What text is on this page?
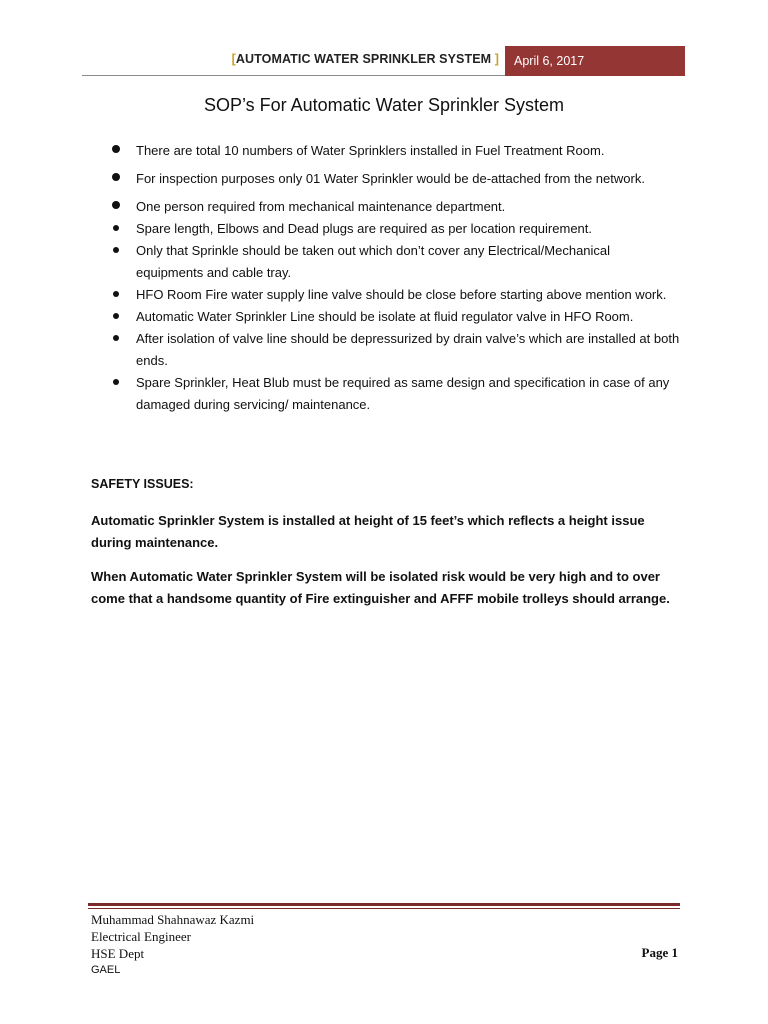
[AUTOMATIC WATER SPRINKLER SYSTEM ]	April 6, 2017
SOP’s For Automatic Water Sprinkler System
There are total 10 numbers of Water Sprinklers installed in Fuel Treatment Room.
For inspection purposes only 01 Water Sprinkler would be de-attached from the network.
One person required from mechanical maintenance department.
Spare length, Elbows and Dead plugs are required as per location requirement.
Only that Sprinkle should be taken out which don’t cover any Electrical/Mechanical equipments and cable tray.
HFO Room Fire water supply line valve should be close before starting above mention work.
Automatic Water Sprinkler Line should be isolate at fluid regulator valve in HFO Room.
After isolation of valve line should be depressurized by drain valve’s which are installed at both ends.
Spare Sprinkler, Heat Blub must be required as same design and specification in case of any damaged during servicing/ maintenance.
SAFETY ISSUES:
Automatic Sprinkler System is installed at height of 15 feet’s which reflects a height issue during maintenance.
When Automatic Water Sprinkler System will be isolated risk would be very high and to over come that a handsome quantity of Fire extinguisher and AFFF mobile trolleys should arrange.
Muhammad Shahnawaz Kazmi
Electrical Engineer
HSE Dept
GAEL
Page 1
